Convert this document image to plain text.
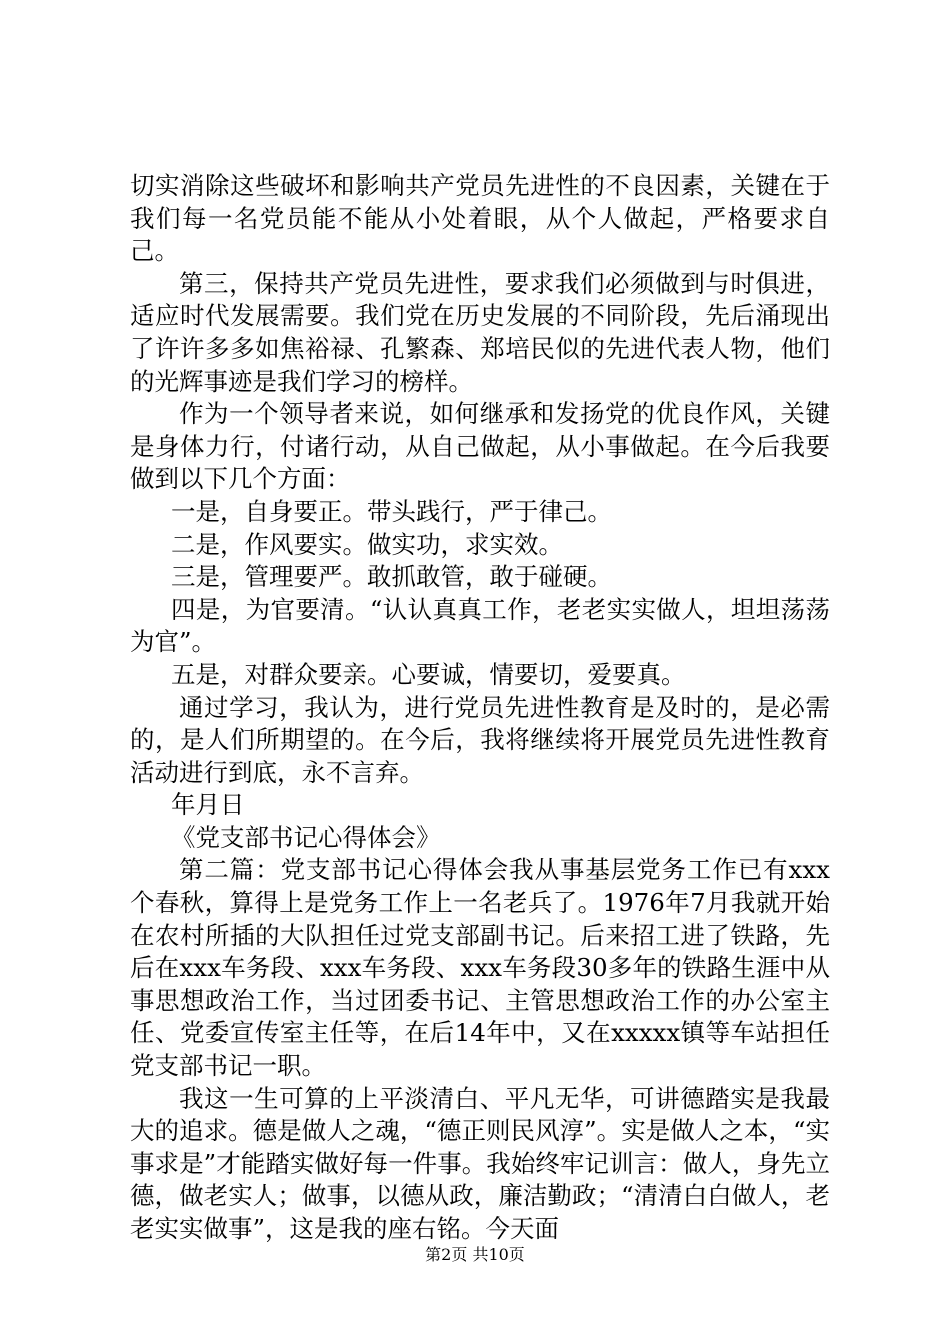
切实消除这些破坏和影响共产党员先进性的不良因素，关键在于我们每一名党员能不能从小处着眼，从个人做起，严格要求自己。

第三，保持共产党员先进性，要求我们必须做到与时俱进，适应时代发展需要。我们党在历史发展的不同阶段，先后涌现出了许许多多如焦裕禄、孔繁森、郑培民似的先进代表人物，他们的光辉事迹是我们学习的榜样。

作为一个领导者来说，如何继承和发扬党的优良作风，关键是身体力行，付诸行动，从自己做起，从小事做起。在今后我要做到以下几个方面：

一是，自身要正。带头践行，严于律己。

二是，作风要实。做实功，求实效。

三是，管理要严。敢抓敢管，敢于碰硬。

四是，为官要清。“认认真真工作，老老实实做人，坦坦荡荡为官”。

五是，对群众要亲。心要诚，情要切，爱要真。

通过学习，我认为，进行党员先进性教育是及时的，是必需的，是人们所期望的。在今后，我将继续将开展党员先进性教育活动进行到底，永不言弃。

年月日

《党支部书记心得体会》

第二篇：党支部书记心得体会我从事基层党务工作已有xxx个春秋，算得上是党务工作上一名老兵了。1976年7月我就开始在农村所插的大队担任过党支部副书记。后来招工进了铁路，先后在xxx车务段、xxx车务段、xxx车务段30多年的铁路生涯中从事思想政治工作，当过团委书记、主管思想政治工作的办公室主任、党委宣传室主任等，在后14年中，又在xxxxx镇等车站担任党支部书记一职。

我这一生可算的上平淡清白、平凡无华，可讲德踏实是我最大的追求。德是做人之魂，“德正则民风淳”。实是做人之本，“实事求是”才能踏实做好每一件事。我始终牢记训言：做人，身先立德，做老实人；做事，以德从政，廉洁勤政；“清清白白做人，老老实实做事”，这是我的座右铭。今天面

第2页 共10页
